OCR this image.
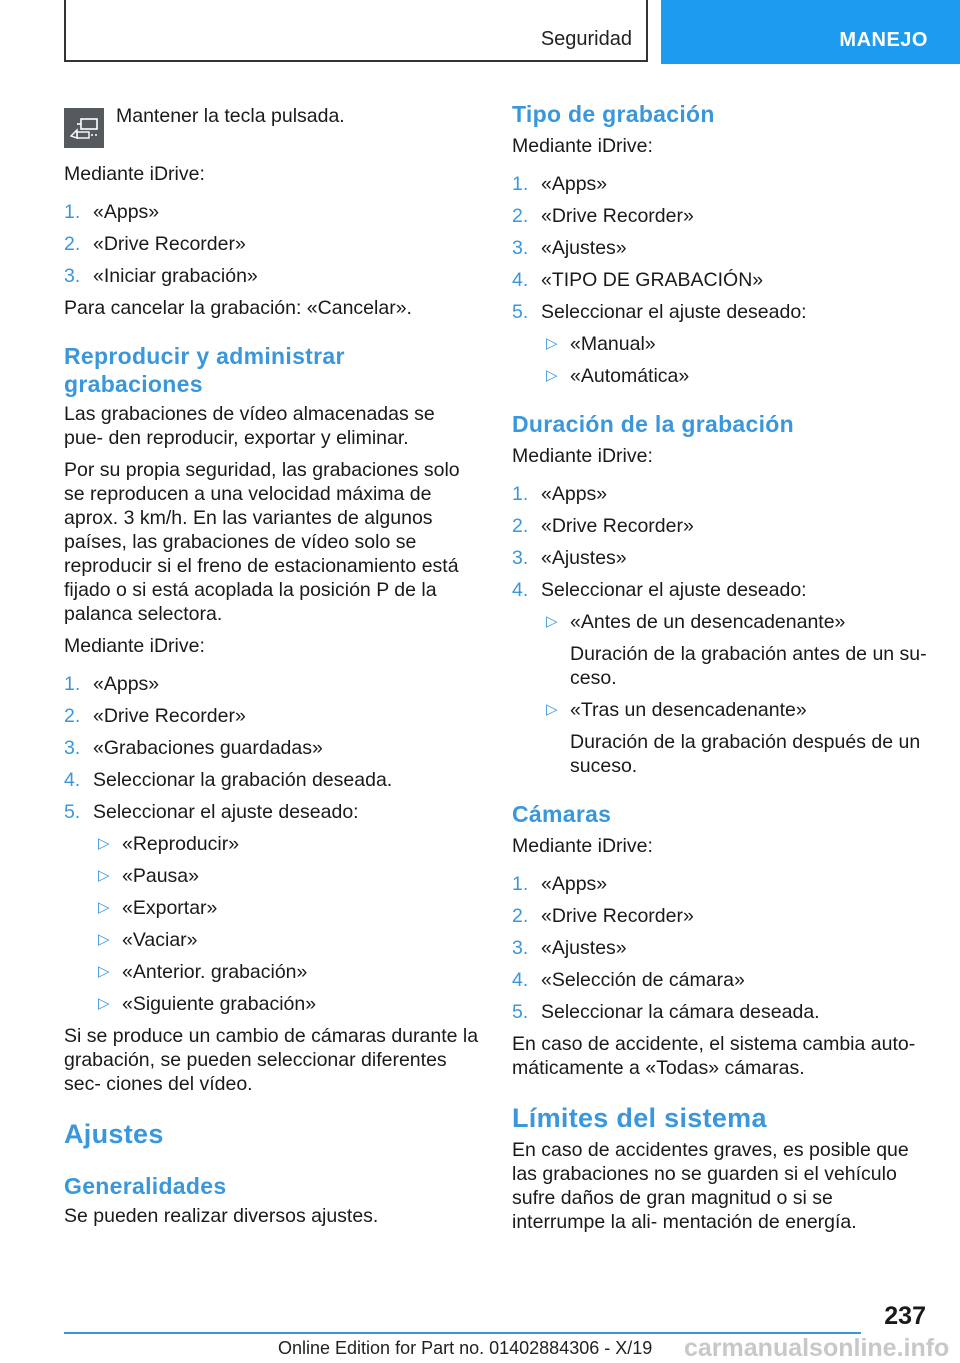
Seguridad	MANEJO
Mantener la tecla pulsada.

Mediante iDrive:

1. «Apps»
2. «Drive Recorder»
3. «Iniciar grabación»

Para cancelar la grabación: «Cancelar».

Reproducir y administrar grabaciones

Las grabaciones de vídeo almacenadas se pue‐ den reproducir, exportar y eliminar.

Por su propia seguridad, las grabaciones solo se reproducen a una velocidad máxima de aprox. 3 km/h. En las variantes de algunos países, las grabaciones de vídeo solo se reproducir si el freno de estacionamiento está fijado o si está acoplada la posición P de la palanca selectora.

Mediante iDrive:

1. «Apps»
2. «Drive Recorder»
3. «Grabaciones guardadas»
4. Seleccionar la grabación deseada.
5. Seleccionar el ajuste deseado:
▷ «Reproducir»
▷ «Pausa»
▷ «Exportar»
▷ «Vaciar»
▷ «Anterior. grabación»
▷ «Siguiente grabación»

Si se produce un cambio de cámaras durante la grabación, se pueden seleccionar diferentes sec‐ ciones del vídeo.

Ajustes
Generalidades

Se pueden realizar diversos ajustes.

Tipo de grabación

Mediante iDrive:

1. «Apps»
2. «Drive Recorder»
3. «Ajustes»
4. «TIPO DE GRABACIÓN»
5. Seleccionar el ajuste deseado:
▷ «Manual»
▷ «Automática»
Duración de la grabación

Mediante iDrive:

1. «Apps»
2. «Drive Recorder»
3. «Ajustes»
4. Seleccionar el ajuste deseado:
▷ «Antes de un desencadenante»
Duración de la grabación antes de un su‐ ceso.
▷ «Tras un desencadenante»
Duración de la grabación después de un suceso.
Cámaras

Mediante iDrive:

1. «Apps»
2. «Drive Recorder»
3. «Ajustes»
4. «Selección de cámara»
5. Seleccionar la cámara deseada.

En caso de accidente, el sistema cambia auto‐ máticamente a «Todas» cámaras.

Límites del sistema

En caso de accidentes graves, es posible que las grabaciones no se guarden si el vehículo sufre daños de gran magnitud o si se interrumpe la ali‐ mentación de energía.

237
Online Edition for Part no. 01402884306 - X/19 carmanualsonline.info
